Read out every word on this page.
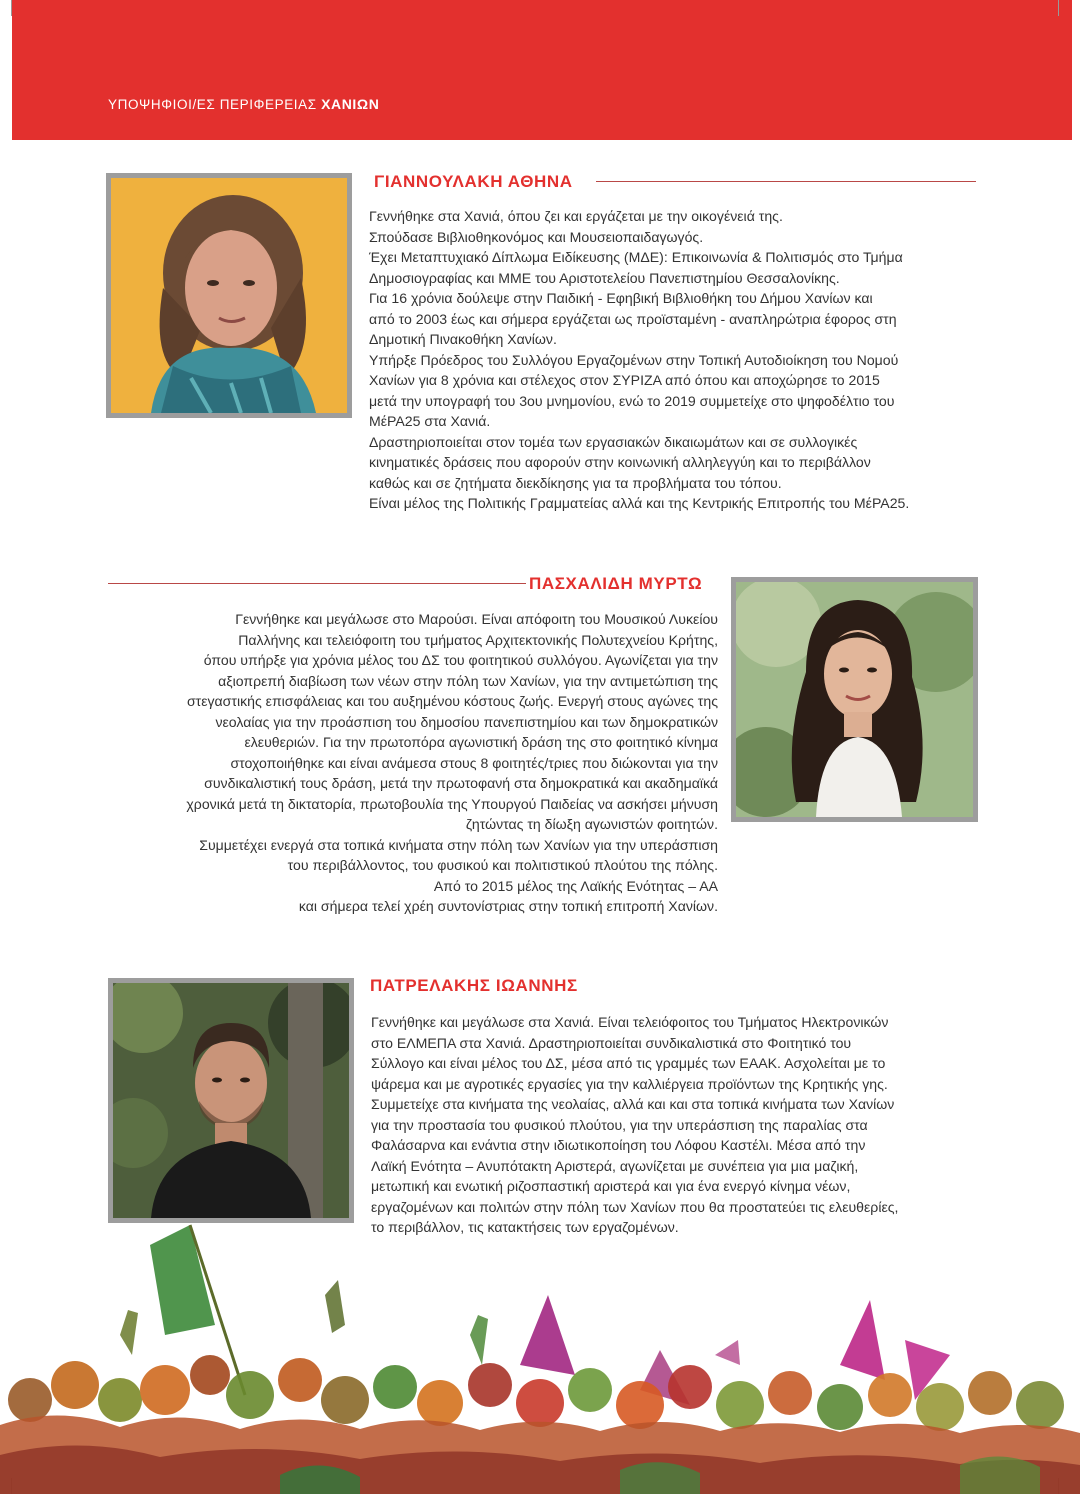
ΥΠΟΨΗΦΙΟΙ/ΕΣ ΠΕΡΙΦΕΡΕΙΑΣ ΧΑΝΙΩΝ
ΓΙΑΝΝΟΥΛΑΚΗ ΑΘΗΝΑ

Γεννήθηκε στα Χανιά, όπου ζει και εργάζεται με την οικογένειά της.

Σπούδασε Βιβλιοθηκονόμος και Μουσειοπαιδαγωγός.

Έχει Μεταπτυχιακό Δίπλωμα Ειδίκευσης (ΜΔΕ): Επικοινωνία & Πολιτισμός στο Τμήμα

Δημοσιογραφίας και ΜΜΕ του Αριστοτελείου Πανεπιστημίου Θεσσαλονίκης.

Για 16 χρόνια δούλεψε στην Παιδική - Εφηβική Βιβλιοθήκη του Δήμου Χανίων και

από το 2003 έως και σήμερα εργάζεται ως προϊσταμένη - αναπληρώτρια έφορος στη

Δημοτική Πινακοθήκη Χανίων.

Υπήρξε Πρόεδρος του Συλλόγου Εργαζομένων στην Τοπική Αυτοδιοίκηση του Νομού

Χανίων για 8 χρόνια και στέλεχος στον ΣΥΡΙΖΑ από όπου και αποχώρησε το 2015

μετά την υπογραφή του 3ου μνημονίου, ενώ το 2019 συμμετείχε στο ψηφοδέλτιο του

ΜέΡΑ25 στα Χανιά.

Δραστηριοποιείται στον τομέα των εργασιακών δικαιωμάτων και σε συλλογικές

κινηματικές δράσεις που αφορούν στην κοινωνική αλληλεγγύη και το περιβάλλον

καθώς και σε ζητήματα διεκδίκησης για τα προβλήματα του τόπου.

Είναι μέλος της Πολιτικής Γραμματείας αλλά και της Κεντρικής Επιτροπής του ΜέΡΑ25.

ΠΑΣΧΑΛΙΔΗ ΜΥΡΤΩ

Γεννήθηκε και μεγάλωσε στο Μαρούσι. Είναι απόφοιτη του Μουσικού Λυκείου

Παλλήνης και τελειόφοιτη του τμήματος Αρχιτεκτονικής Πολυτεχνείου Κρήτης,

όπου υπήρξε για χρόνια μέλος του ΔΣ του φοιτητικού συλλόγου. Αγωνίζεται για την

αξιοπρεπή διαβίωση των νέων στην πόλη των Χανίων, για την αντιμετώπιση της

στεγαστικής επισφάλειας και του αυξημένου κόστους ζωής. Ενεργή στους αγώνες της

νεολαίας για την προάσπιση του δημοσίου πανεπιστημίου και των δημοκρατικών

ελευθεριών. Για την πρωτοπόρα αγωνιστική δράση της στο φοιτητικό κίνημα

στοχοποιήθηκε και είναι ανάμεσα στους 8 φοιτητές/τριες που διώκονται για την

συνδικαλιστική τους δράση, μετά την πρωτοφανή στα δημοκρατικά και ακαδημαϊκά

χρονικά μετά τη δικτατορία, πρωτοβουλία της Υπουργού Παιδείας να ασκήσει μήνυση

ζητώντας τη δίωξη αγωνιστών φοιτητών.

Συμμετέχει ενεργά στα τοπικά κινήματα στην πόλη των Χανίων για την υπεράσπιση

του περιβάλλοντος, του φυσικού και πολιτιστικού πλούτου της πόλης.

Από το 2015 μέλος της Λαϊκής Ενότητας – ΑΑ

και σήμερα τελεί χρέη συντονίστριας στην τοπική επιτροπή Χανίων.

ΠΑΤΡΕΛΑΚΗΣ ΙΩΑΝΝΗΣ

Γεννήθηκε και μεγάλωσε στα Χανιά. Είναι τελειόφοιτος του Τμήματος Ηλεκτρονικών

στο ΕΛΜΕΠΑ στα Χανιά. Δραστηριοποιείται συνδικαλιστικά στο Φοιτητικό του

Σύλλογο και είναι μέλος του ΔΣ, μέσα από τις γραμμές των ΕΑΑΚ. Ασχολείται με το

ψάρεμα και με αγροτικές εργασίες για την καλλιέργεια προϊόντων της Κρητικής γης.

Συμμετείχε στα κινήματα της νεολαίας, αλλά και και στα τοπικά κινήματα των Χανίων

για την προστασία του φυσικού πλούτου, για την υπεράσπιση της παραλίας στα

Φαλάσαρνα και ενάντια στην ιδιωτικοποίηση του Λόφου Καστέλι. Μέσα από την

Λαϊκή Ενότητα – Ανυπότακτη Αριστερά, αγωνίζεται με συνέπεια για μια μαζική,

μετωπική και ενωτική ριζοσπαστική αριστερά και για ένα ενεργό κίνημα νέων,

εργαζομένων και πολιτών στην πόλη των Χανίων που θα προστατεύει τις ελευθερίες,

το περιβάλλον, τις κατακτήσεις των εργαζομένων.
